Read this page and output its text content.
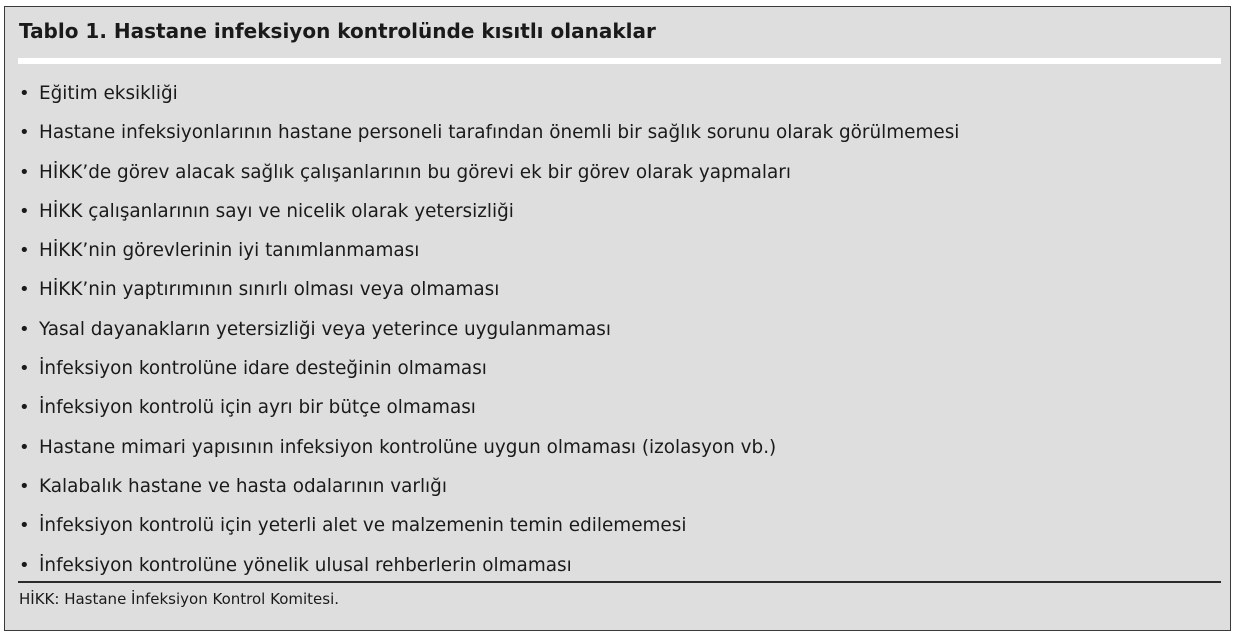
Tablo 1. Hastane infeksiyon kontrolünde kısıtlı olanaklar
• Eğitim eksikliği
• Hastane infeksiyonlarının hastane personeli tarafından önemli bir sağlık sorunu olarak görülmemesi
• HİKK’de görev alacak sağlık çalışanlarının bu görevi ek bir görev olarak yapmaları
• HİKK çalışanlarının sayı ve nicelik olarak yetersizliği
• HİKK’nin görevlerinin iyi tanımlanmaması
• HİKK’nin yaptırımının sınırlı olması veya olmaması
• Yasal dayanakların yetersizliği veya yeterince uygulanmaması
• İnfeksiyon kontrolüne idare desteğinin olmaması
• İnfeksiyon kontrolü için ayrı bir bütçe olmaması
• Hastane mimari yapısının infeksiyon kontrolüne uygun olmaması (izolasyon vb.)
• Kalabalık hastane ve hasta odalarının varlığı
• İnfeksiyon kontrolü için yeterli alet ve malzemenin temin edilememesi
• İnfeksiyon kontrolüne yönelik ulusal rehberlerin olmaması

HİKK: Hastane İnfeksiyon Kontrol Komitesi.
